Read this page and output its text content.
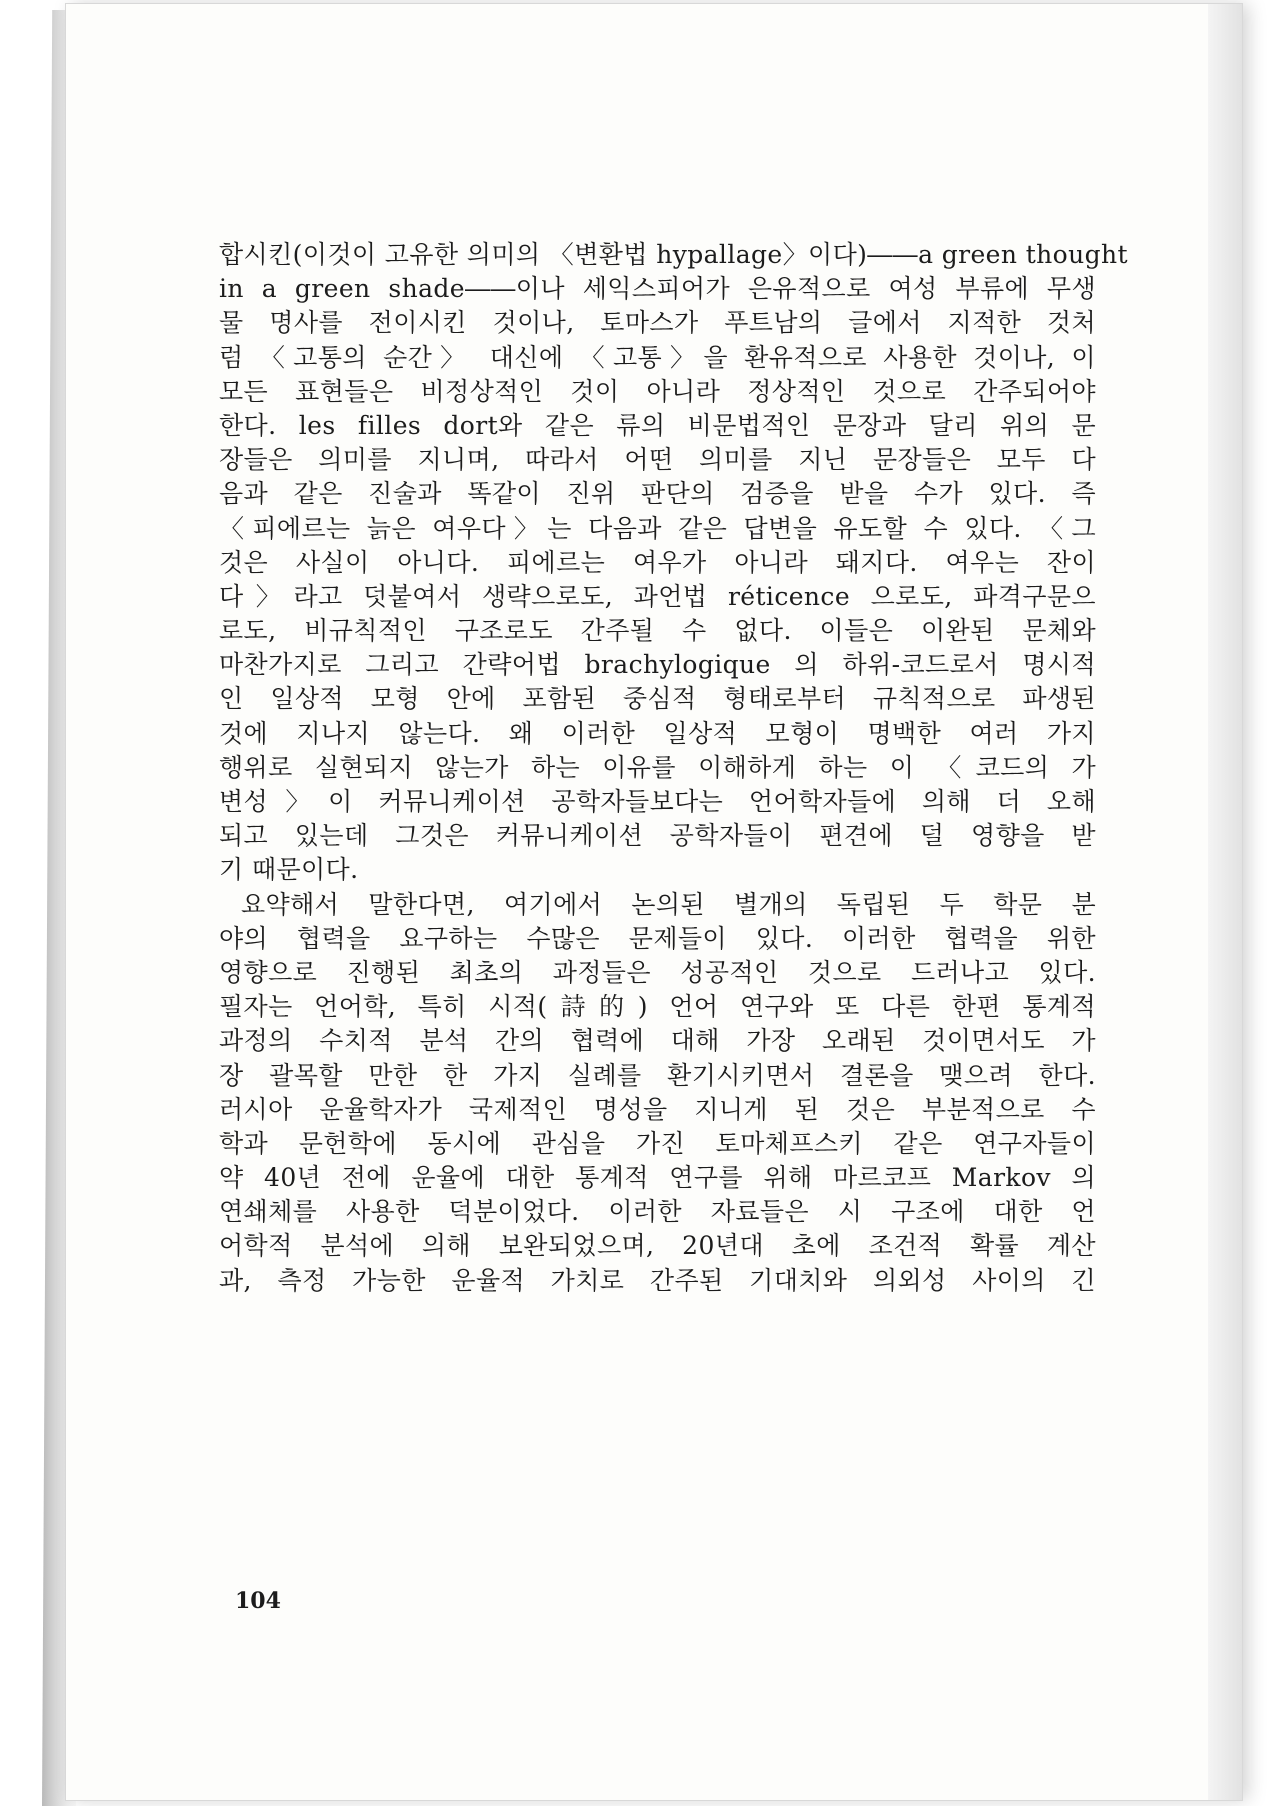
합시킨(이것이 고유한 의미의 〈변환법 hypallage〉이다)――a green thought
in a green shade――이나 세익스피어가 은유적으로 여성 부류에 무생
물 명사를 전이시킨 것이나, 토마스가 푸트남의 글에서 지적한 것처
럼 〈고통의 순간〉 대신에 〈고통〉을 환유적으로 사용한 것이나, 이
모든 표현들은 비정상적인 것이 아니라 정상적인 것으로 간주되어야
한다. les filles dort와 같은 류의 비문법적인 문장과 달리 위의 문
장들은 의미를 지니며, 따라서 어떤 의미를 지닌 문장들은 모두 다
음과 같은 진술과 똑같이 진위 판단의 검증을 받을 수가 있다. 즉
〈피에르는 늙은 여우다〉는 다음과 같은 답변을 유도할 수 있다. 〈그
것은 사실이 아니다. 피에르는 여우가 아니라 돼지다. 여우는 잔이
다〉라고 덧붙여서 생략으로도, 과언법 réticence 으로도, 파격구문으
로도, 비규칙적인 구조로도 간주될 수 없다. 이들은 이완된 문체와
마찬가지로 그리고 간략어법 brachylogique 의 하위-코드로서 명시적
인 일상적 모형 안에 포함된 중심적 형태로부터 규칙적으로 파생된
것에 지나지 않는다. 왜 이러한 일상적 모형이 명백한 여러 가지
행위로 실현되지 않는가 하는 이유를 이해하게 하는 이 〈코드의 가
변성〉이 커뮤니케이션 공학자들보다는 언어학자들에 의해 더 오해
되고 있는데 그것은 커뮤니케이션 공학자들이 편견에 덜 영향을 받
기 때문이다.
요약해서 말한다면, 여기에서 논의된 별개의 독립된 두 학문 분
야의 협력을 요구하는 수많은 문제들이 있다. 이러한 협력을 위한
영향으로 진행된 최초의 과정들은 성공적인 것으로 드러나고 있다.
필자는 언어학, 특히 시적(詩的) 언어 연구와 또 다른 한편 통계적
과정의 수치적 분석 간의 협력에 대해 가장 오래된 것이면서도 가
장 괄목할 만한 한 가지 실례를 환기시키면서 결론을 맺으려 한다.
러시아 운율학자가 국제적인 명성을 지니게 된 것은 부분적으로 수
학과 문헌학에 동시에 관심을 가진 토마체프스키 같은 연구자들이
약 40년 전에 운율에 대한 통계적 연구를 위해 마르코프 Markov 의
연쇄체를 사용한 덕분이었다. 이러한 자료들은 시 구조에 대한 언
어학적 분석에 의해 보완되었으며, 20년대 초에 조건적 확률 계산
과, 측정 가능한 운율적 가치로 간주된 기대치와 의외성 사이의 긴
104
